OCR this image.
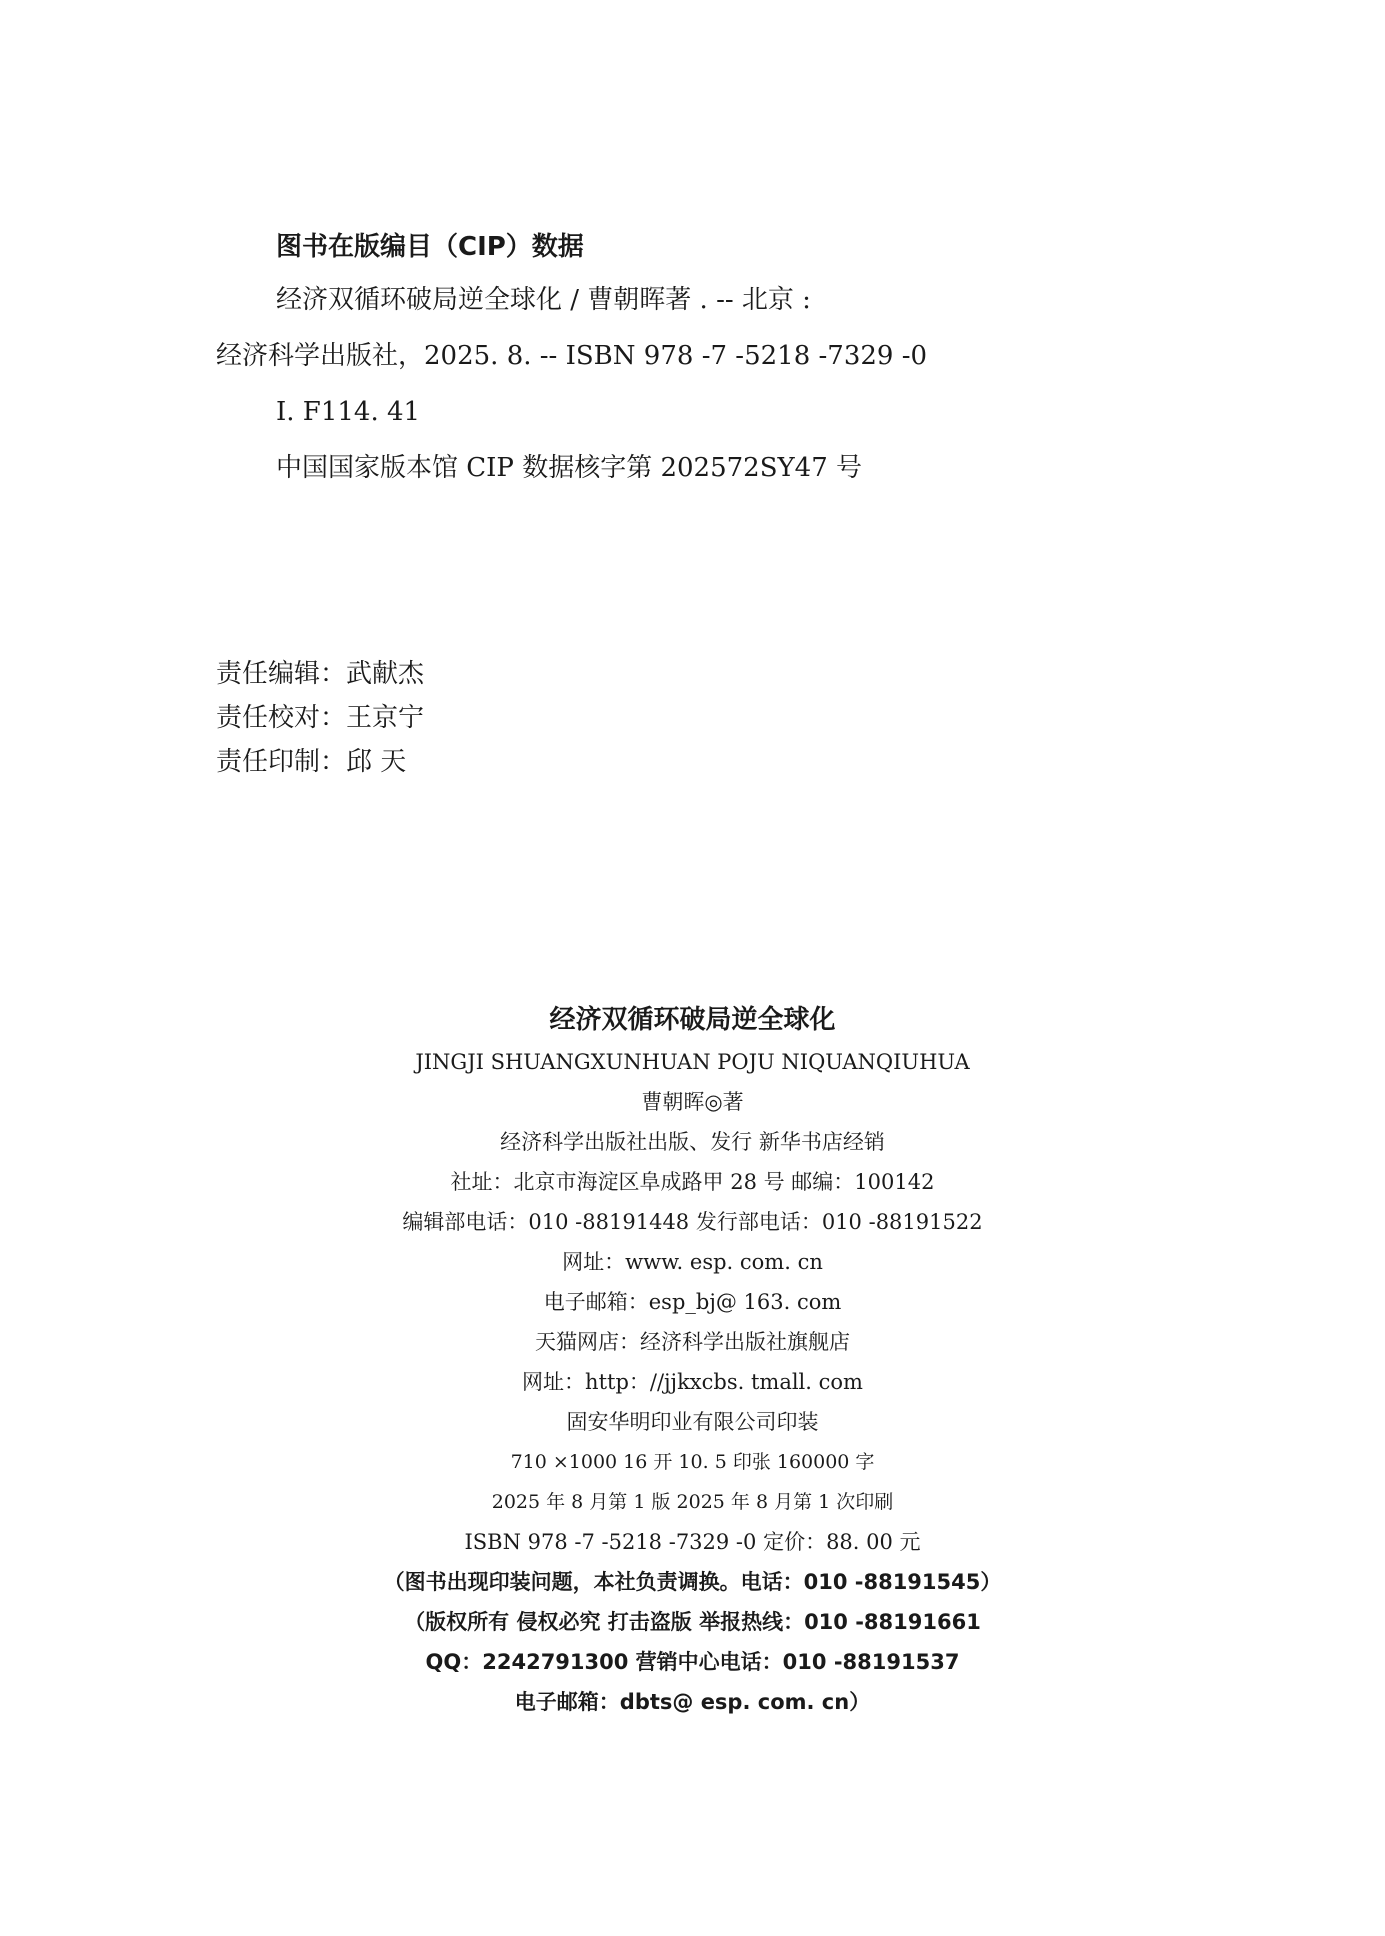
图书在版编目（CIP）数据
经济双循环破局逆全球化 / 曹朝晖著 . -- 北京 :
经济科学出版社，2025. 8. -- ISBN 978 -7 -5218 -7329 -0
Ⅰ. F114. 41
中国国家版本馆 CIP 数据核字第 202572SY47 号
责任编辑：武献杰
责任校对：王京宁
责任印制：邱 天
经济双循环破局逆全球化
JINGJI SHUANGXUNHUAN POJU NIQUANQIUHUA
曹朝晖◎著
经济科学出版社出版、发行 新华书店经销
社址：北京市海淀区阜成路甲 28 号 邮编：100142
编辑部电话：010 -88191448 发行部电话：010 -88191522
网址：www. esp. com. cn
电子邮箱：esp_bj@ 163. com
天猫网店：经济科学出版社旗舰店
网址：http：//jjkxcbs. tmall. com
固安华明印业有限公司印装
710 ×1000 16 开 10. 5 印张 160000 字
2025 年 8 月第 1 版 2025 年 8 月第 1 次印刷
ISBN 978 -7 -5218 -7329 -0 定价：88. 00 元
（图书出现印装问题，本社负责调换。电话：010 -88191545）
（版权所有 侵权必究 打击盗版 举报热线：010 -88191661
QQ：2242791300 营销中心电话：010 -88191537
电子邮箱：dbts@ esp. com. cn）
